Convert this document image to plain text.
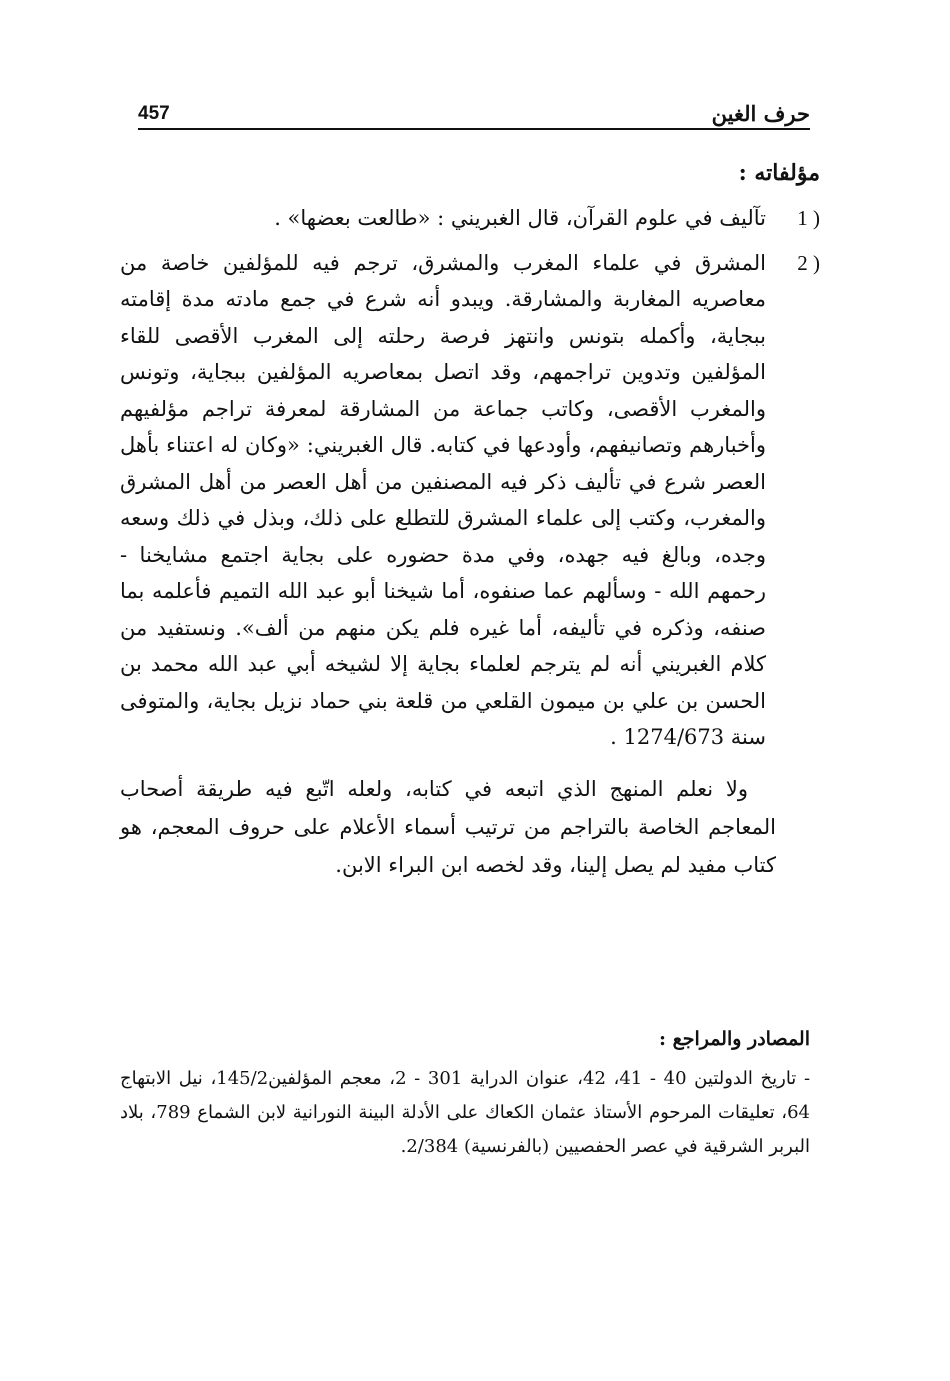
457	حرف الغين
مؤلفاته :
1 )
تآليف في علوم القرآن، قال الغبريني : «طالعت بعضها» .
2 )
المشرق في علماء المغرب والمشرق، ترجم فيه للمؤلفين خاصة من معاصريه المغاربة والمشارقة. ويبدو أنه شرع في جمع مادته مدة إقامته ببجاية، وأكمله بتونس وانتهز فرصة رحلته إلى المغرب الأقصى للقاء المؤلفين وتدوين تراجمهم، وقد اتصل بمعاصريه المؤلفين ببجاية، وتونس والمغرب الأقصى، وكاتب جماعة من المشارقة لمعرفة تراجم مؤلفيهم وأخبارهم وتصانيفهم، وأودعها في كتابه. قال الغبريني: «وكان له اعتناء بأهل العصر شرع في تأليف ذكر فيه المصنفين من أهل العصر من أهل المشرق والمغرب، وكتب إلى علماء المشرق للتطلع على ذلك، وبذل في ذلك وسعه وجده، وبالغ فيه جهده، وفي مدة حضوره على بجاية اجتمع مشايخنا - رحمهم الله - وسألهم عما صنفوه، أما شيخنا أبو عبد الله التميم فأعلمه بما صنفه، وذكره في تأليفه، أما غيره فلم يكن منهم من ألف». ونستفيد من كلام الغبريني أنه لم يترجم لعلماء بجاية إلا لشيخه أبي عبد الله محمد بن الحسن بن علي بن ميمون القلعي من قلعة بني حماد نزيل بجاية، والمتوفى سنة 1274/673 .

ولا نعلم المنهج الذي اتبعه في كتابه، ولعله اتّبع فيه طريقة أصحاب المعاجم الخاصة بالتراجم من ترتيب أسماء الأعلام على حروف المعجم، هو كتاب مفيد لم يصل إلينا، وقد لخصه ابن البراء الابن.

المصادر والمراجع :
- تاريخ الدولتين 40 - 41، 42، عنوان الدراية 301 - 2، معجم المؤلفين145/2، نيل الابتهاج 64، تعليقات المرحوم الأستاذ عثمان الكعاك على الأدلة البينة النورانية لابن الشماع 789، بلاد البربر الشرقية في عصر الحفصيين (بالفرنسية) 2/384.
